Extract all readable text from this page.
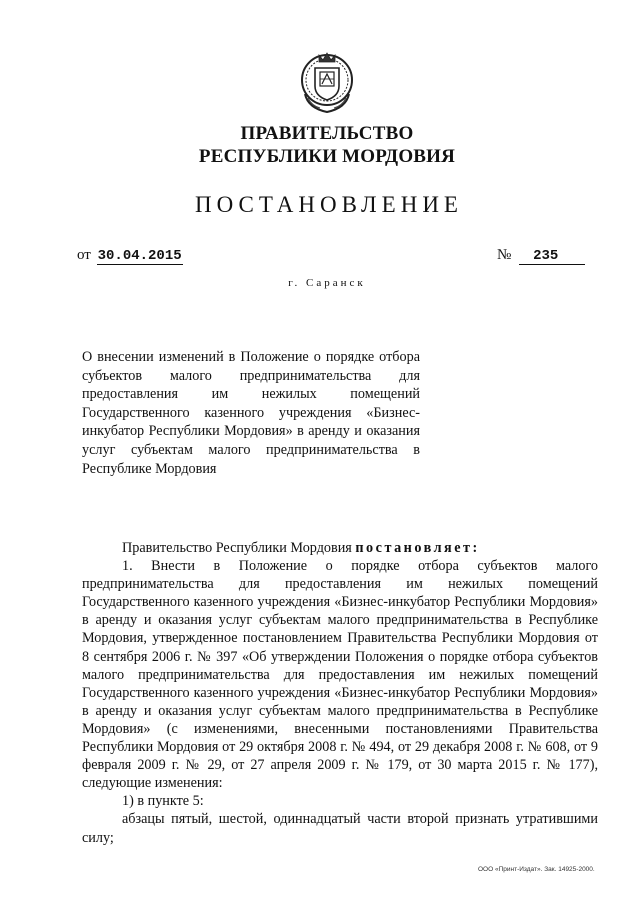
ПРАВИТЕЛЬСТВО
РЕСПУБЛИКИ МОРДОВИЯ
ПОСТАНОВЛЕНИЕ
от 30.04.2015	№ 235
г. Саранск
О внесении изменений в Положение о порядке отбора субъектов малого предпринимательства для предоставления им нежилых помещений Государственного казенного учреждения «Бизнес-инкубатор Республики Мордовия» в аренду и оказания услуг субъектам малого предпринимательства в Республике Мордовия

Правительство Республики Мордовия постановляет:

1. Внести в Положение о порядке отбора субъектов малого предпринимательства для предоставления им нежилых помещений Государственного казенного учреждения «Бизнес-инкубатор Республики Мордовия» в аренду и оказания услуг субъектам малого предпринимательства в Республике Мордовия, утвержденное постановлением Правительства Республики Мордовия от 8 сентября 2006 г. № 397 «Об утверждении Положения о порядке отбора субъектов малого предпринимательства для предоставления им нежилых помещений Государственного казенного учреждения «Бизнес-инкубатор Республики Мордовия» в аренду и оказания услуг субъектам малого предпринимательства в Республике Мордовия» (с изменениями, внесенными постановлениями Правительства Республики Мордовия от 29 октября 2008 г. № 494, от 29 декабря 2008 г. № 608, от 9 февраля 2009 г. № 29, от 27 апреля 2009 г. № 179, от 30 марта 2015 г. № 177), следующие изменения:

1) в пункте 5:

абзацы пятый, шестой, одиннадцатый части второй признать утратившими силу;

ООО «Принт-Издат». Зак. 14925-2000.
